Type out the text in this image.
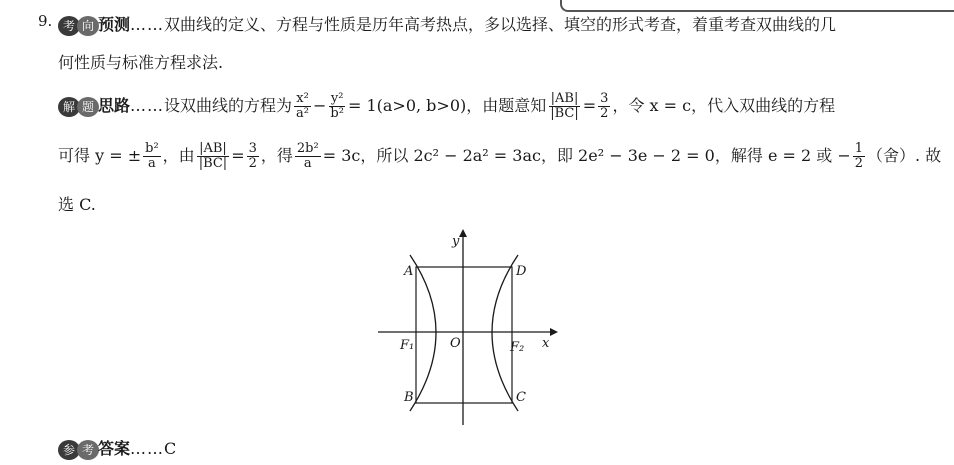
9. 考 向 预测……双曲线的定义、方程与性质是历年高考热点，多以选择、填空的形式考查，着重考查双曲线的几
何性质与标准方程求法.
解 题 思路……设双曲线的方程为 $\frac{\text{x²}}{\text{a²}} - \frac{\text{y²}}{\text{b²}} = 1(a>0$, b>0)，由题意知 $\frac{|AB|}{|BC|} = \frac{3}{2}$ ，令 x = c，代入双曲线的方程
可得 y = ± $\frac{\text{b²}}{a}$ ，由 $\frac{|AB|}{|BC|} = \frac{3}{2}$ ，得 $\frac{\text{2b²}}{a} = 3c$，所以 2c² − 2a² = 3ac，即 2e² − 3e − 2 = 0，解得 e = 2 或 − $\frac{1}{2}$ （舍）. 故
选 C.
A	D
B	C
F₁	F₂
O
y
x
参 考 答案……C
